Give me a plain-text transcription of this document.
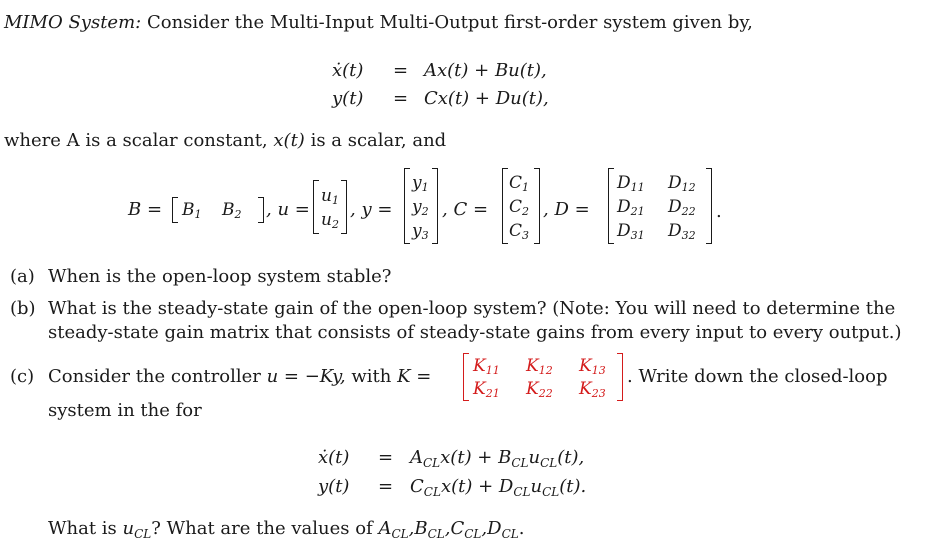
MIMO System: Consider the Multi-Input Multi-Output first-order system given by,
ẋ(t) = Ax(t) + Bu(t),
y(t) = Cx(t) + Du(t),
where A is a scalar constant, x(t) is a scalar, and
B = B1 B2 , u =
u1
u2
, y =
y1
y2
y3
, C =
C1
C2
C3
, D =
D11 D12
D21 D22
D31 D32
.
(a) When is the open-loop system stable?
(b) What is the steady-state gain of the open-loop system? (Note: You will need to determine the
steady-state gain matrix that consists of steady-state gains from every input to every output.)
(c) Consider the controller u = −Ky, with K = K11 K12 K13
K21 K22 K23
. Write down the closed-loop
system in the for
ẋ(t) = $A_{CL}x(t) + B_{CL}u_{CL}(t)$,
$y(t) = C_{CL}x(t) + D_{CL}u_{CL}(t)$.
What is $u_{CL}$? What are the values of $A_{CL},B_{CL},C_{CL},D_{CL}$.
